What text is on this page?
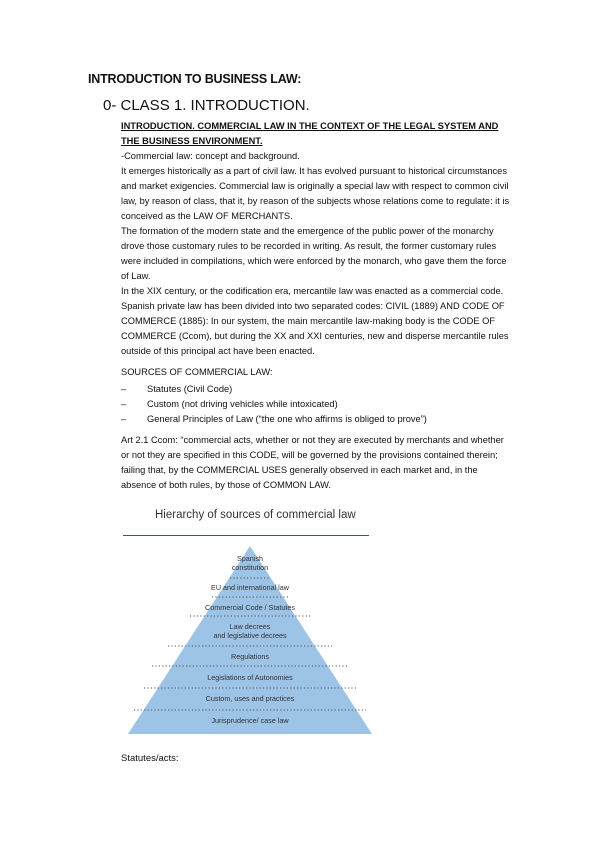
INTRODUCTION TO BUSINESS LAW:
0- CLASS 1. INTRODUCTION.
INTRODUCTION. COMMERCIAL LAW IN THE CONTEXT OF THE LEGAL SYSTEM AND THE BUSINESS ENVIRONMENT.
-Commercial law: concept and background.
It emerges historically as a part of civil law. It has evolved pursuant to historical circumstances and market exigencies. Commercial law is originally a special law with respect to common civil law, by reason of class, that it, by reason of the subjects whose relations come to regulate: it is conceived as the LAW OF MERCHANTS.
The formation of the modern state and the emergence of the public power of the monarchy drove those customary rules to be recorded in writing. As result, the former customary rules were included in compilations, which were enforced by the monarch, who gave them the force of Law.
In the XIX century, or the codification era, mercantile law was enacted as a commercial code. Spanish private law has been divided into two separated codes: CIVIL (1889) AND CODE OF COMMERCE (1885): In our system, the main mercantile law-making body is the CODE OF COMMERCE (Ccom), but during the XX and XXI centuries, new and disperse mercantile rules outside of this principal act have been enacted.
SOURCES OF COMMERCIAL LAW:
– Statutes (Civil Code)
– Custom (not driving vehicles while intoxicated)
– General Principles of Law (“the one who affirms is obliged to prove”)
Art 2.1 Ccom: “commercial acts, whether or not they are executed by merchants and whether or not they are specified in this CODE, will be governed by the provisions contained therein; failing that, by the COMMERCIAL USES generally observed in each market and, in the absence of both rules, by those of COMMON LAW.
Hierarchy of sources of commercial law
Spanish
constitution
EU and international law
Commercial Code / Statutes
Law decrees
and legislative decrees
Regulations
Legislations of Autonomies
Custom, uses and practices
Jurisprudence/ case law
Statutes/acts:
